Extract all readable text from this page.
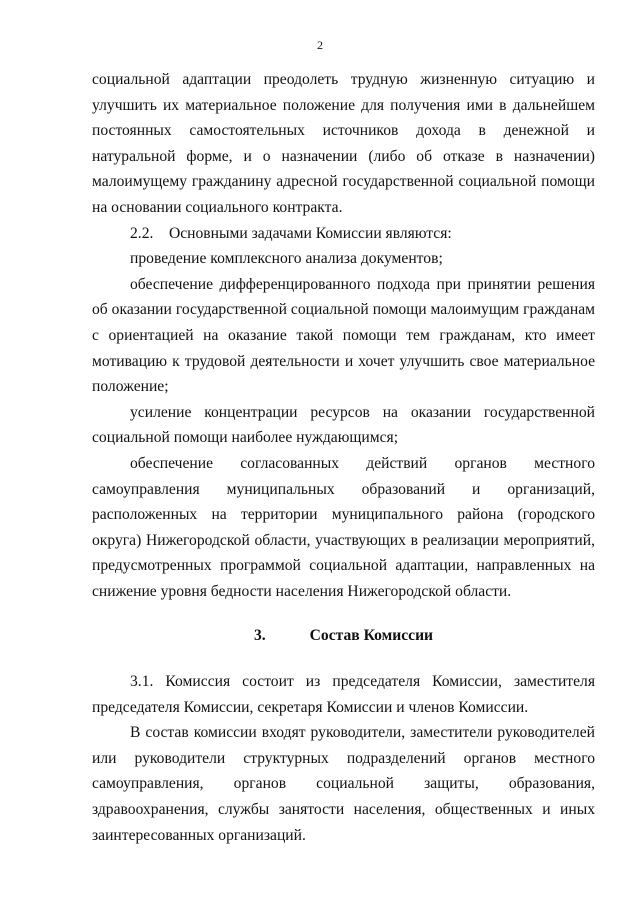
2

социальной адаптации преодолеть трудную жизненную ситуацию и улучшить их материальное положение для получения ими в дальнейшем постоянных самостоятельных источников дохода в денежной и натуральной форме, и о назначении (либо об отказе в назначении) малоимущему гражданину адресной государственной социальной помощи на основании социального контракта.

2.2.    Основными задачами Комиссии являются:

проведение комплексного анализа документов;

обеспечение дифференцированного подхода при принятии решения об оказании государственной социальной помощи малоимущим гражданам с ориентацией на оказание такой помощи тем гражданам, кто имеет мотивацию к трудовой деятельности и хочет улучшить свое материальное положение;

усиление концентрации ресурсов на оказании государственной социальной помощи наиболее нуждающимся;

обеспечение согласованных действий органов местного самоуправления муниципальных образований и организаций, расположенных на территории муниципального района (городского округа) Нижегородской области, участвующих в реализации мероприятий, предусмотренных программой социальной адаптации, направленных на снижение уровня бедности населения Нижегородской области.

3.	Состав Комиссии

3.1. Комиссия состоит из председателя Комиссии, заместителя председателя Комиссии, секретаря Комиссии и членов Комиссии.

В состав комиссии входят руководители, заместители руководителей или руководители структурных подразделений органов местного самоуправления, органов социальной защиты, образования, здравоохранения, службы занятости населения, общественных и иных заинтересованных организаций.
